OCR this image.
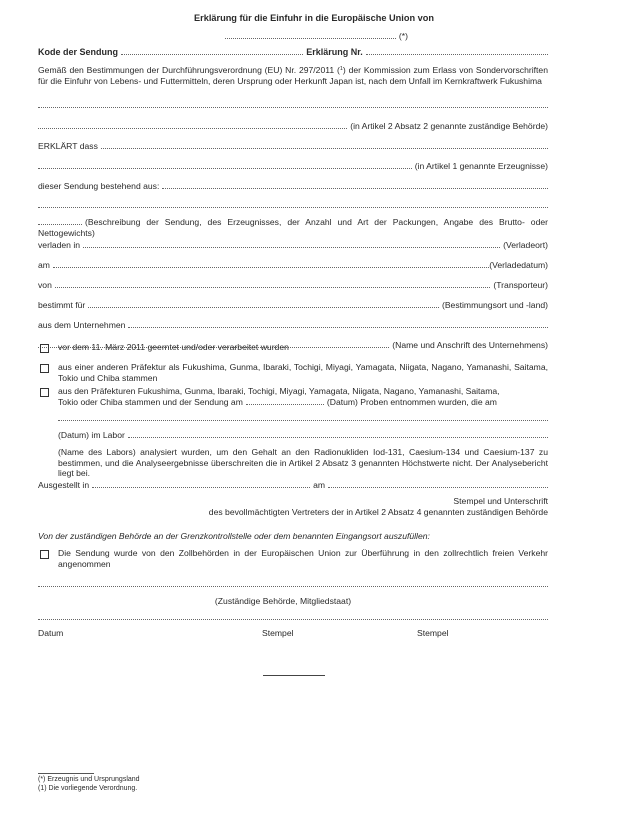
Erklärung für die Einfuhr in die Europäische Union von
(*)
Kode der Sendung	Erklärung Nr.
Gemäß den Bestimmungen der Durchführungsverordnung (EU) Nr. 297/2011 ($^1$) der Kommission zum Erlass von Sondervorschriften für die Einfuhr von Lebens- und Futtermitteln, deren Ursprung oder Herkunft Japan ist, nach dem Unfall im Kernkraftwerk Fukushima
(in Artikel 2 Absatz 2 genannte zuständige Behörde)
ERKLÄRT dass
(in Artikel 1 genannte Erzeugnisse)
dieser Sendung bestehend aus:
(Beschreibung der Sendung, des Erzeugnisses, der Anzahl und Art der Packungen, Angabe des Brutto- oder Nettogewichts)
verladen in	(Verladeort)
am	(Verladedatum)
von	(Transporteur)
bestimmt für	(Bestimmungsort und -land)
aus dem Unternehmen
(Name und Anschrift des Unternehmens)
vor dem 11. März 2011 geerntet und/oder verarbeitet wurden
aus einer anderen Präfektur als Fukushima, Gunma, Ibaraki, Tochigi, Miyagi, Yamagata, Niigata, Nagano, Yamanashi, Saitama, Tokio und Chiba stammen
aus den Präfekturen Fukushima, Gunma, Ibaraki, Tochigi, Miyagi, Yamagata, Niigata, Nagano, Yamanashi, Saitama,
Tokio oder Chiba stammen und der Sendung am	(Datum) Proben entnommen wurden, die am
(Datum) im Labor
(Name des Labors) analysiert wurden, um den Gehalt an den Radionukliden Iod-131, Caesium-134 und Caesium-137 zu bestimmen, und die Analyseergebnisse überschreiten die in Artikel 2 Absatz 3 genannten Höchstwerte nicht. Der Analysebericht liegt bei.
Ausgestellt in	am
Stempel und Unterschrift
des bevollmächtigten Vertreters der in Artikel 2 Absatz 4 genannten zuständigen Behörde
Von der zuständigen Behörde an der Grenzkontrollstelle oder dem benannten Eingangsort auszufüllen:
Die Sendung wurde von den Zollbehörden in der Europäischen Union zur Überführung in den zollrechtlich freien Verkehr angenommen
(Zuständige Behörde, Mitgliedstaat)
Datum	Stempel	Stempel
(*) Erzeugnis und Ursprungsland
(1) Die vorliegende Verordnung.
